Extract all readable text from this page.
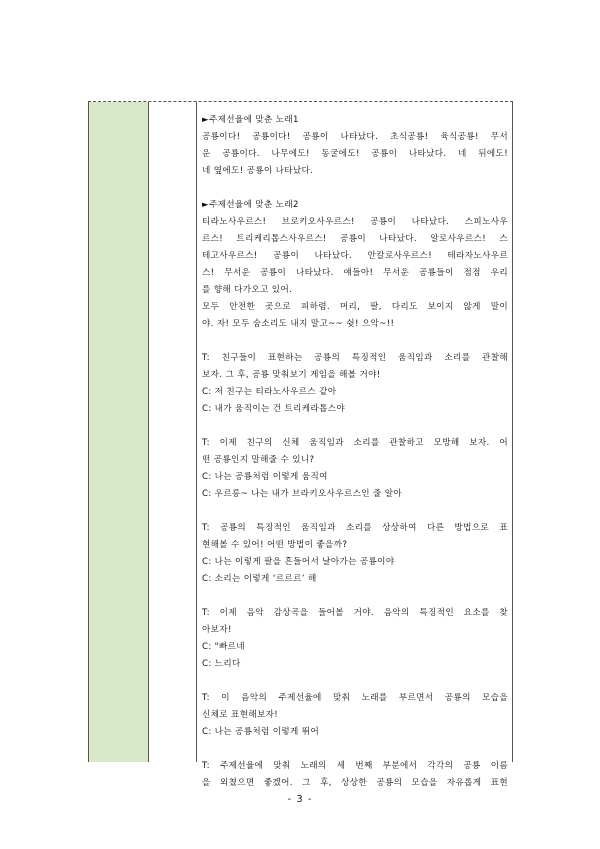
►주제선율에 맞춘 노래1
공룡이다! 공룡이다! 공룡이 나타났다. 초식공룡! 육식공룡! 무서
운 공룡이다. 나무에도! 동굴에도! 공룡이 나타났다. 네 뒤에도!
네 옆에도! 공룡이 나타났다.
►주제선율에 맞춘 노래2
티라노사우르스! 브로키오사우르스! 공룡이 나타났다. 스피노사우
르스! 트리케리톱스사우르스! 공룡이 나타났다. 알로사우르스! 스
테고사우르스! 공룡이 나타났다. 안칼로사우르스! 테라자노사우르
스! 무서운 공룡이 나타났다. 얘들아! 무서운 공룡들이 점점 우리
를 향해 다가오고 있어.
모두 안전한 곳으로 피하렴. 머리, 팔, 다리도 보이지 않게 말이
야. 자! 모두 숨소리도 내지 말고~~ 쉿! 으악~!!
T: 친구들이 표현하는 공룡의 특징적인 움직임과 소리를 관찰해
보자. 그 후, 공룡 맞춰보기 게임을 해볼 거야!
C: 저 친구는 티라노사우르스 같아
C: 내가 움직이는 건 트리케라톱스야
T: 이제 친구의 신체 움직임과 소리를 관찰하고 모방해 보자. 어
떤 공룡인지 말해줄 수 있니?
C: 나는 공룡처럼 이렇게 움직여
C: 우르릉~ 나는 내가 브라키오사우르스인 줄 알아
T: 공룡의 특징적인 움직임과 소리를 상상하여 다른 방법으로 표
현해볼 수 있어! 어떤 방법이 좋을까?
C: 나는 이렇게 팔을 흔들어서 날아가는 공룡이야
C: 소리는 이렇게 ‘르르르’ 해
T: 이제 음악 감상곡을 들어볼 거야. 음악의 특징적인 요소를 찾
아보자!
C: "빠르네
C: 느리다
T: 이 음악의 주제선율에 맞춰 노래를 부르면서 공룡의 모습을
신체로 표현해보자!
C: 나는 공룡처럼 이렇게 뛰어
T: 주제선율에 맞춰 노래의 세 번째 부분에서 각각의 공룡 이름
을 외쳤으면 좋겠어. 그 후, 상상한 공룡의 모습을 자유롭게 표현
- 3 -
